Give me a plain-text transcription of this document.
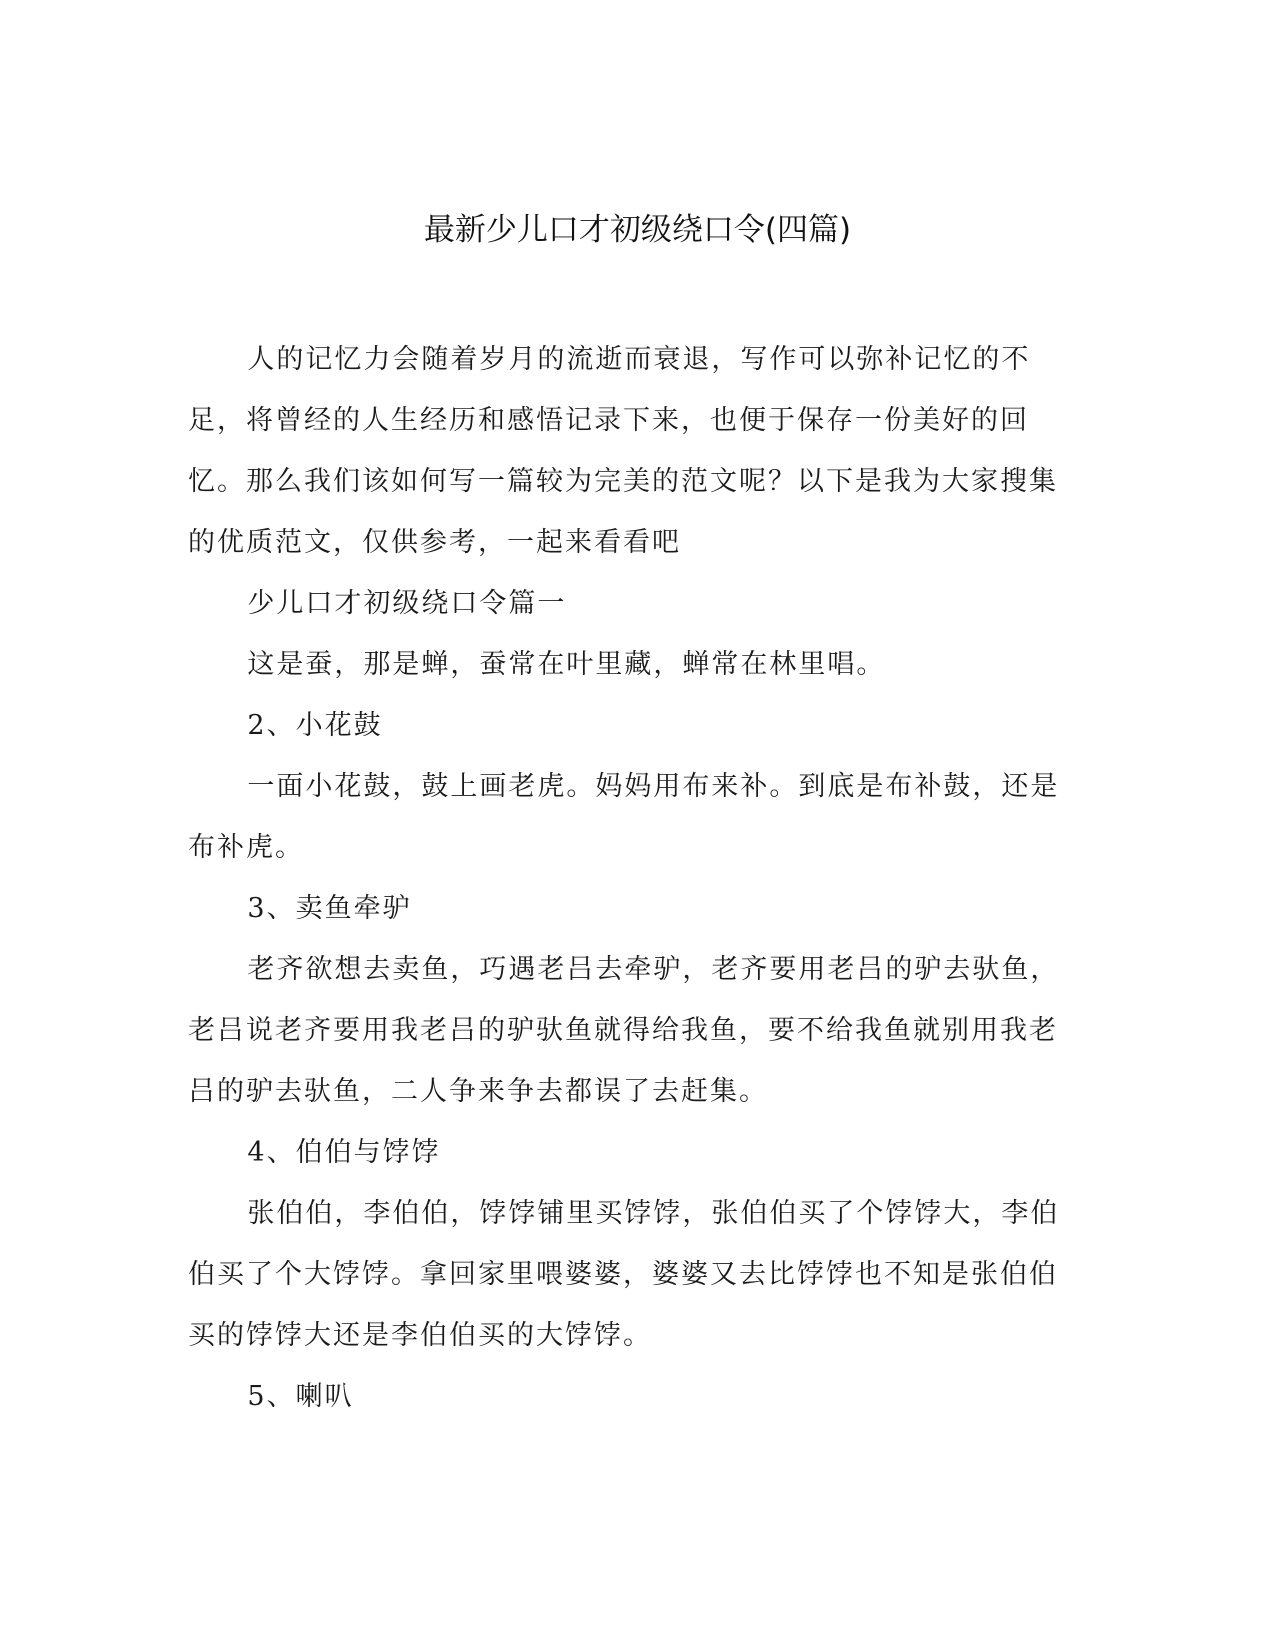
最新少儿口才初级绕口令(四篇)

人的记忆力会随着岁月的流逝而衰退，写作可以弥补记忆的不足，将曾经的人生经历和感悟记录下来，也便于保存一份美好的回忆。那么我们该如何写一篇较为完美的范文呢？以下是我为大家搜集的优质范文，仅供参考，一起来看看吧

少儿口才初级绕口令篇一

这是蚕，那是蝉，蚕常在叶里藏，蝉常在林里唱。

2、小花鼓

一面小花鼓，鼓上画老虎。妈妈用布来补。到底是布补鼓，还是布补虎。

3、卖鱼牵驴

老齐欲想去卖鱼，巧遇老吕去牵驴，老齐要用老吕的驴去驮鱼，老吕说老齐要用我老吕的驴驮鱼就得给我鱼，要不给我鱼就别用我老吕的驴去驮鱼，二人争来争去都误了去赶集。

4、伯伯与饽饽

张伯伯，李伯伯，饽饽铺里买饽饽，张伯伯买了个饽饽大，李伯伯买了个大饽饽。拿回家里喂婆婆，婆婆又去比饽饽也不知是张伯伯买的饽饽大还是李伯伯买的大饽饽。

5、喇叭
